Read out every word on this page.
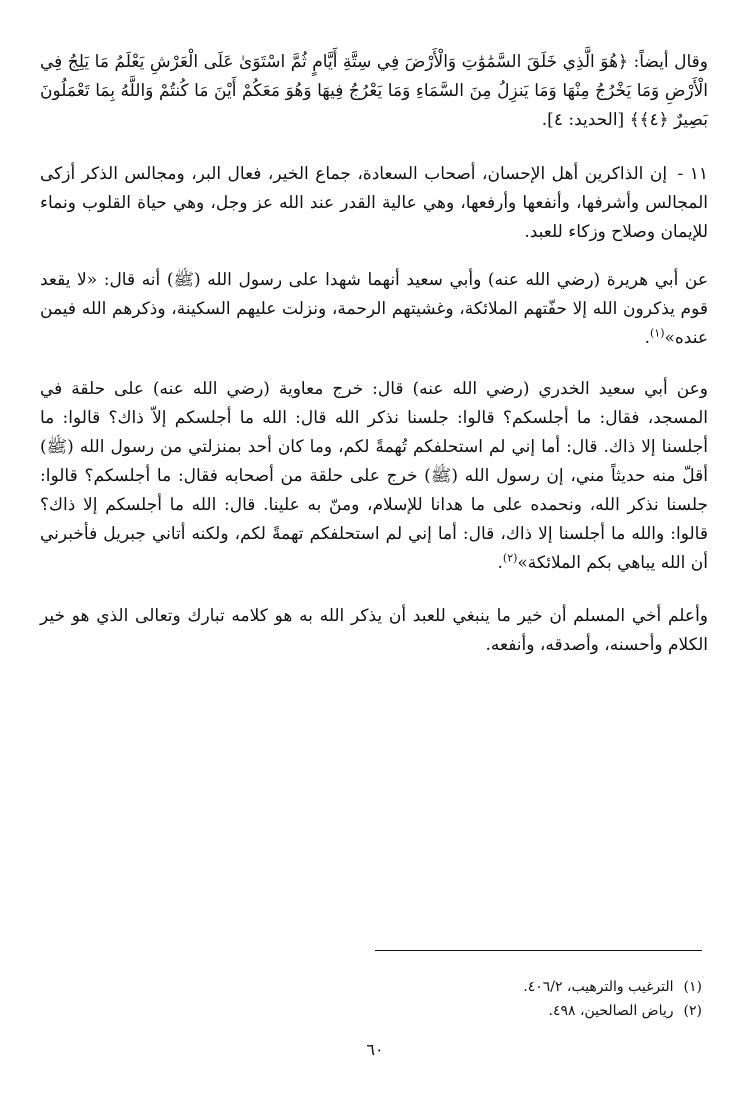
وقال أيضاً: ﴿هُوَ الَّذِي خَلَقَ السَّمَٰوَٰتِ وَالْأَرْضَ فِي سِتَّةِ أَيَّامٍ ثُمَّ اسْتَوَىٰ عَلَى الْعَرْشِ يَعْلَمُ مَا يَلِجُ فِي الْأَرْضِ وَمَا يَخْرُجُ مِنْهَا وَمَا يَنزِلُ مِنَ السَّمَاءِ وَمَا يَعْرُجُ فِيهَا وَهُوَ مَعَكُمْ أَيْنَ مَا كُنتُمْ وَاللَّهُ بِمَا تَعْمَلُونَ بَصِيرٌ ﴿٤﴾﴾ [الحديد: ٤].

١١ - إن الذاكرين أهل الإحسان، أصحاب السعادة، جماع الخير، فعال البر، ومجالس الذكر أزكى المجالس وأشرفها، وأنفعها وأرفعها، وهي عالية القدر عند الله عز وجل، وهي حياة القلوب ونماء للإيمان وصلاح وزكاء للعبد.

عن أبي هريرة (رضي الله عنه) وأبي سعيد أنهما شهدا على رسول الله (ﷺ) أنه قال: «لا يقعد قوم يذكرون الله إلا حفّتهم الملائكة، وغشيتهم الرحمة، ونزلت عليهم السكينة، وذكرهم الله فيمن عنده»$^{(١)}$.

وعن أبي سعيد الخدري (رضي الله عنه) قال: خرج معاوية (رضي الله عنه) على حلقة في المسجد، فقال: ما أجلسكم؟ قالوا: جلسنا نذكر الله قال: الله ما أجلسكم إلاّ ذاك؟ قالوا: ما أجلسنا إلا ذاك. قال: أما إني لم استحلفكم تُهمةً لكم، وما كان أحد بمنزلتي من رسول الله (ﷺ) أقلّ منه حديثاً مني، إن رسول الله (ﷺ) خرج على حلقة من أصحابه فقال: ما أجلسكم؟ قالوا: جلسنا نذكر الله، ونحمده على ما هدانا للإسلام، ومنّ به علينا. قال: الله ما أجلسكم إلا ذاك؟ قالوا: والله ما أجلسنا إلا ذاك، قال: أما إني لم استحلفكم تهمةً لكم، ولكنه أتاني جبريل فأخبرني أن الله يباهي بكم الملائكة»$^{(٢)}$.

وأعلم أخي المسلم أن خير ما ينبغي للعبد أن يذكر الله به هو كلامه تبارك وتعالى الذي هو خير الكلام وأحسنه، وأصدقه، وأنفعه.

(١)الترغيب والترهيب، ٤٠٦/٢.
(٢)رياض الصالحين، ٤٩٨.
٦٠
